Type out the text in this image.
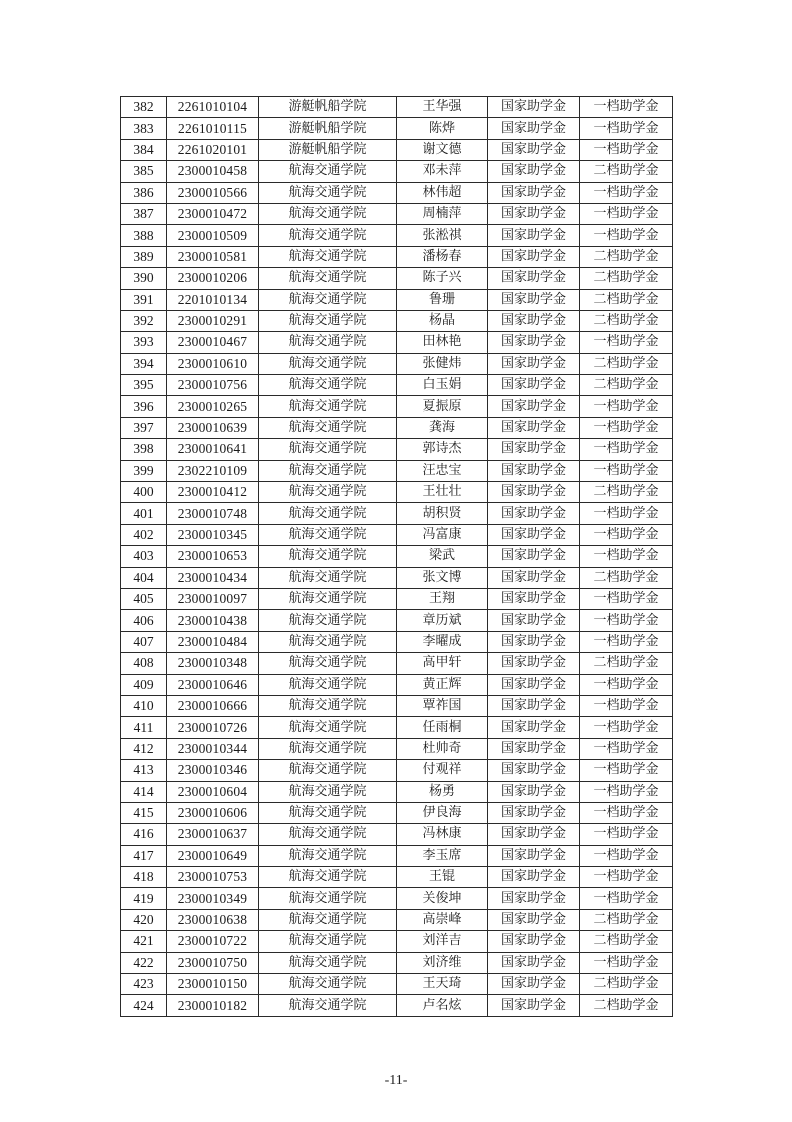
382	2261010104	游艇帆船学院	王华强	国家助学金	一档助学金
383	2261010115	游艇帆船学院	陈烨	国家助学金	一档助学金
384	2261020101	游艇帆船学院	谢文德	国家助学金	一档助学金
385	2300010458	航海交通学院	邓未萍	国家助学金	二档助学金
386	2300010566	航海交通学院	林伟超	国家助学金	一档助学金
387	2300010472	航海交通学院	周楠萍	国家助学金	一档助学金
388	2300010509	航海交通学院	张淞祺	国家助学金	一档助学金
389	2300010581	航海交通学院	潘杨春	国家助学金	二档助学金
390	2300010206	航海交通学院	陈子兴	国家助学金	二档助学金
391	2201010134	航海交通学院	鲁珊	国家助学金	二档助学金
392	2300010291	航海交通学院	杨晶	国家助学金	二档助学金
393	2300010467	航海交通学院	田林艳	国家助学金	一档助学金
394	2300010610	航海交通学院	张健炜	国家助学金	二档助学金
395	2300010756	航海交通学院	白玉娟	国家助学金	二档助学金
396	2300010265	航海交通学院	夏振原	国家助学金	一档助学金
397	2300010639	航海交通学院	龚海	国家助学金	一档助学金
398	2300010641	航海交通学院	郭诗杰	国家助学金	一档助学金
399	2302210109	航海交通学院	汪忠宝	国家助学金	一档助学金
400	2300010412	航海交通学院	王壮壮	国家助学金	二档助学金
401	2300010748	航海交通学院	胡积贤	国家助学金	一档助学金
402	2300010345	航海交通学院	冯富康	国家助学金	一档助学金
403	2300010653	航海交通学院	梁武	国家助学金	一档助学金
404	2300010434	航海交通学院	张文博	国家助学金	二档助学金
405	2300010097	航海交通学院	王翔	国家助学金	一档助学金
406	2300010438	航海交通学院	章历斌	国家助学金	一档助学金
407	2300010484	航海交通学院	李曜成	国家助学金	一档助学金
408	2300010348	航海交通学院	高甲轩	国家助学金	二档助学金
409	2300010646	航海交通学院	黄正辉	国家助学金	一档助学金
410	2300010666	航海交通学院	覃祚国	国家助学金	一档助学金
411	2300010726	航海交通学院	任雨桐	国家助学金	一档助学金
412	2300010344	航海交通学院	杜帅奇	国家助学金	一档助学金
413	2300010346	航海交通学院	付观祥	国家助学金	一档助学金
414	2300010604	航海交通学院	杨勇	国家助学金	一档助学金
415	2300010606	航海交通学院	伊良海	国家助学金	一档助学金
416	2300010637	航海交通学院	冯林康	国家助学金	一档助学金
417	2300010649	航海交通学院	李玉席	国家助学金	一档助学金
418	2300010753	航海交通学院	王锟	国家助学金	一档助学金
419	2300010349	航海交通学院	关俊坤	国家助学金	一档助学金
420	2300010638	航海交通学院	高崇峰	国家助学金	二档助学金
421	2300010722	航海交通学院	刘洋吉	国家助学金	二档助学金
422	2300010750	航海交通学院	刘济维	国家助学金	一档助学金
423	2300010150	航海交通学院	王天琦	国家助学金	二档助学金
424	2300010182	航海交通学院	卢名炫	国家助学金	二档助学金
-11-
